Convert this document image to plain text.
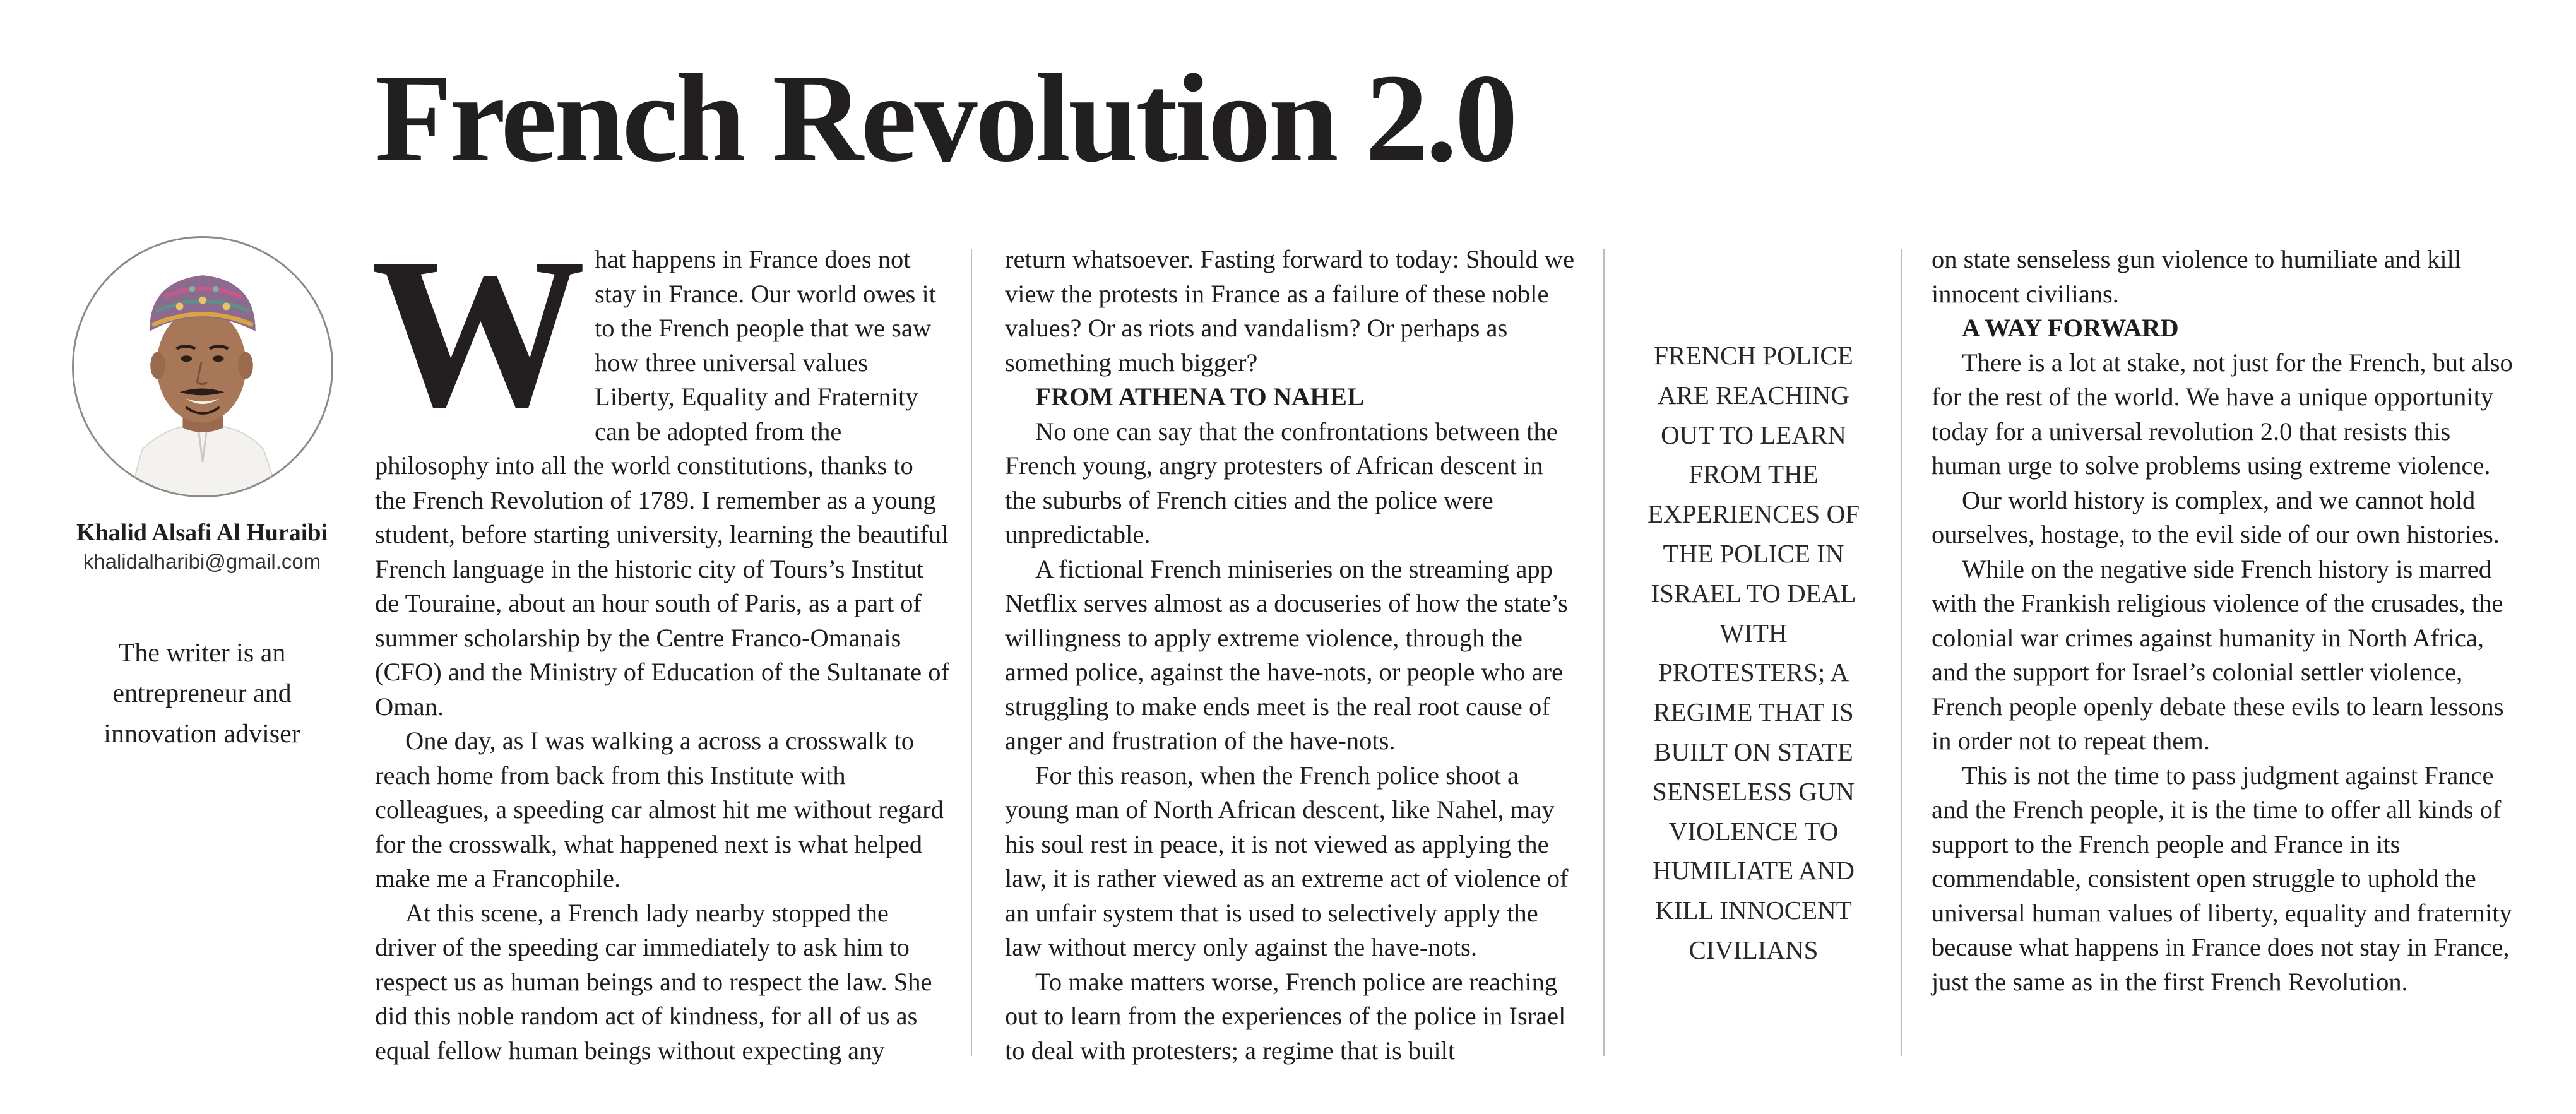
French Revolution 2.0
Khalid Alsafi Al Huraibi
khalidalharibi@gmail.com
The writer is an entrepreneur and innovation adviser
W hat happens in France does not stay in France. Our world owes it to the French people that we saw how three universal values Liberty, Equality and Fraternity can be adopted from the philosophy into all the world constitutions, thanks to the French Revolution of 1789. I remember as a young student, before starting university, learning the beautiful French language in the historic city of Tours’s Institut de Touraine, about an hour south of Paris, as a part of summer scholarship by the Centre Franco-Omanais (CFO) and the Ministry of Education of the Sultanate of Oman.

One day, as I was walking a across a crosswalk to reach home from back from this Institute with colleagues, a speeding car almost hit me without regard for the crosswalk, what happened next is what helped make me a Francophile.

At this scene, a French lady nearby stopped the driver of the speeding car immediately to ask him to respect us as human beings and to respect the law. She did this noble random act of kindness, for all of us as equal fellow human beings without expecting any

return whatsoever. Fasting forward to today: Should we view the protests in France as a failure of these noble values? Or as riots and vandalism? Or perhaps as something much bigger?

FROM ATHENA TO NAHEL

No one can say that the confrontations between the French young, angry protesters of African descent in the suburbs of French cities and the police were unpredictable.

A fictional French miniseries on the streaming app Netflix serves almost as a docuseries of how the state’s willingness to apply extreme violence, through the armed police, against the have-nots, or people who are struggling to make ends meet is the real root cause of anger and frustration of the have-nots.

For this reason, when the French police shoot a young man of North African descent, like Nahel, may his soul rest in peace, it is not viewed as applying the law, it is rather viewed as an extreme act of violence of an unfair system that is used to selectively apply the law without mercy only against the have-nots.

To make matters worse, French police are reaching out to learn from the experiences of the police in Israel to deal with protesters; a regime that is built

FRENCH POLICE ARE REACHING OUT TO LEARN FROM THE EXPERIENCES OF THE POLICE IN ISRAEL TO DEAL WITH PROTESTERS; A REGIME THAT IS BUILT ON STATE SENSELESS GUN VIOLENCE TO HUMILIATE AND KILL INNOCENT CIVILIANS

on state senseless gun violence to humiliate and kill innocent civilians.

A WAY FORWARD

There is a lot at stake, not just for the French, but also for the rest of the world. We have a unique opportunity today for a universal revolution 2.0 that resists this human urge to solve problems using extreme violence.

Our world history is complex, and we cannot hold ourselves, hostage, to the evil side of our own histories.

While on the negative side French history is marred with the Frankish religious violence of the crusades, the colonial war crimes against humanity in North Africa, and the support for Israel’s colonial settler violence, French people openly debate these evils to learn lessons in order not to repeat them.

This is not the time to pass judgment against France and the French people, it is the time to offer all kinds of support to the French people and France in its commendable, consistent open struggle to uphold the universal human values of liberty, equality and fraternity because what happens in France does not stay in France, just the same as in the first French Revolution.
